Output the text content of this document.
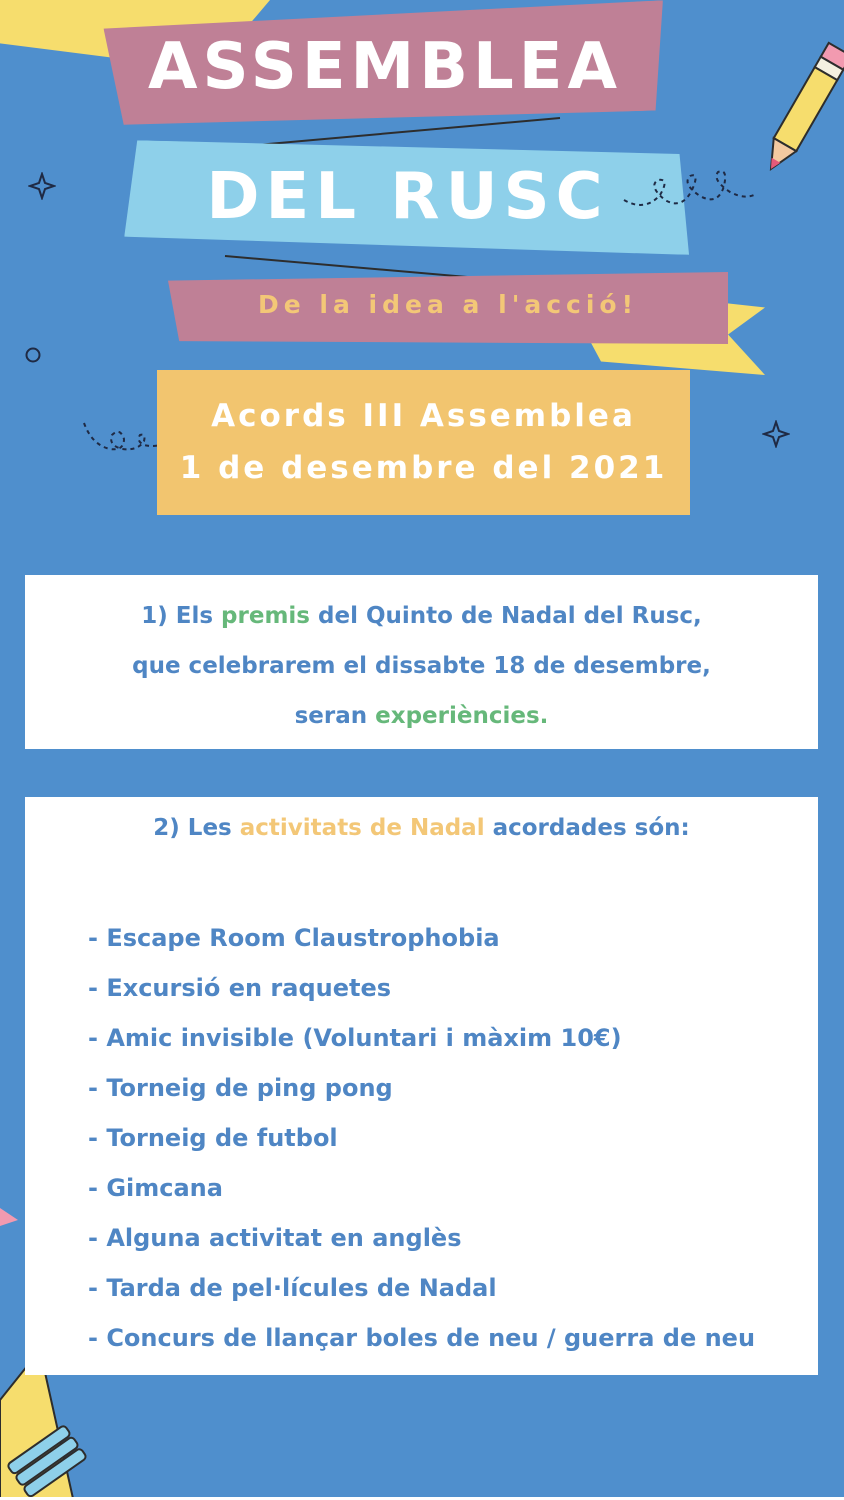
ASSEMBLEA
DEL RUSC
De la idea a l'acció!
Acords III Assemblea
1 de desembre del 2021
1) Els premis del Quinto de Nadal del Rusc,
que celebrarem el dissabte 18 de desembre,
seran experiències.
2) Les activitats de Nadal acordades són:
- Escape Room Claustrophobia
- Excursió en raquetes
- Amic invisible (Voluntari i màxim 10€)
- Torneig de ping pong
- Torneig de futbol
- Gimcana
- Alguna activitat en anglès
- Tarda de pel·lícules de Nadal
- Concurs de llançar boles de neu / guerra de neu
